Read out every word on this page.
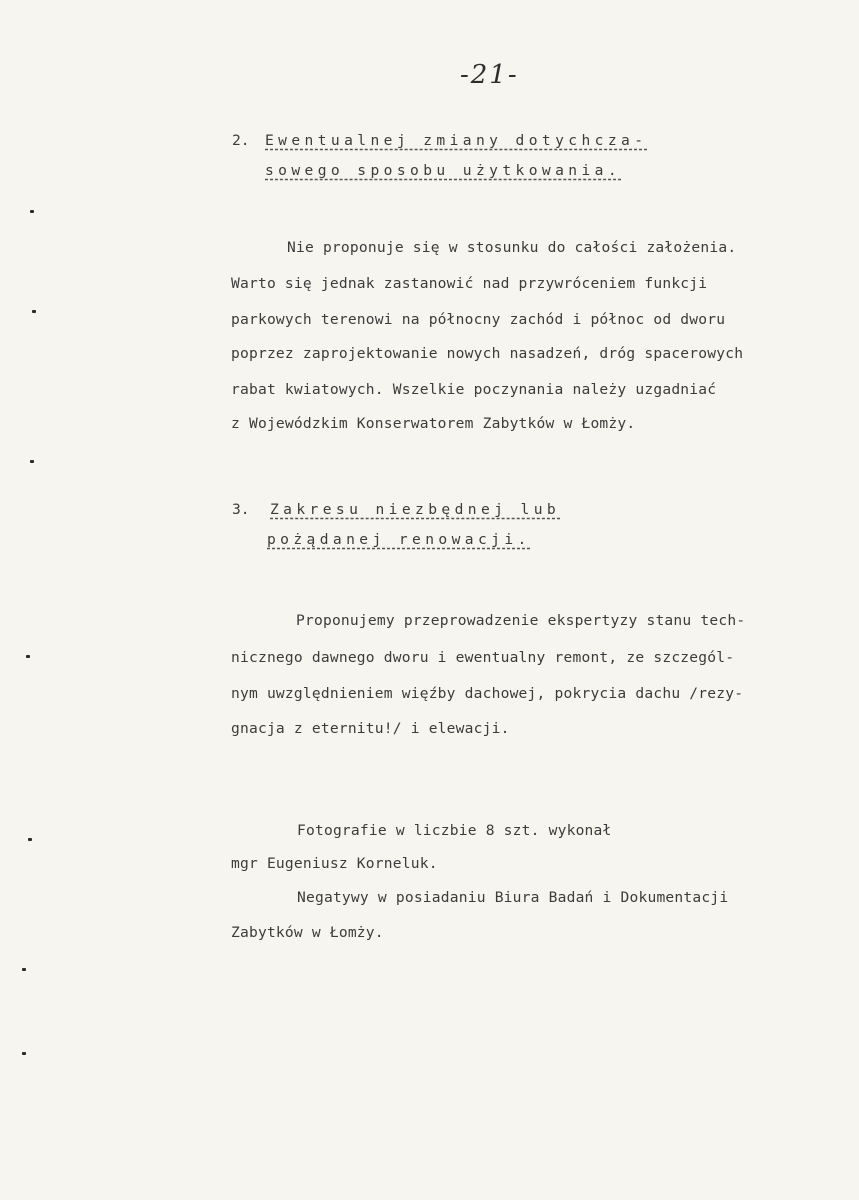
-21-
2. Ewentualnej zmiany dotychcza-
sowego sposobu użytkowania.
Nie proponuje się w stosunku do całości założenia.
Warto się jednak zastanowić nad przywróceniem funkcji
parkowych terenowi na północny zachód i północ od dworu
poprzez zaprojektowanie nowych nasadzeń, dróg spacerowych
rabat kwiatowych. Wszelkie poczynania należy uzgadniać
z Wojewódzkim Konserwatorem Zabytków w Łomży.
3. Zakresu niezbędnej lub
pożądanej renowacji.
Proponujemy przeprowadzenie ekspertyzy stanu tech-
nicznego dawnego dworu i ewentualny remont, ze szczegól-
nym uwzględnieniem więźby dachowej, pokrycia dachu /rezy-
gnacja z eternitu!/ i elewacji.
Fotografie w liczbie 8 szt. wykonał
mgr Eugeniusz Korneluk.
Negatywy w posiadaniu Biura Badań i Dokumentacji
Zabytków w Łomży.
